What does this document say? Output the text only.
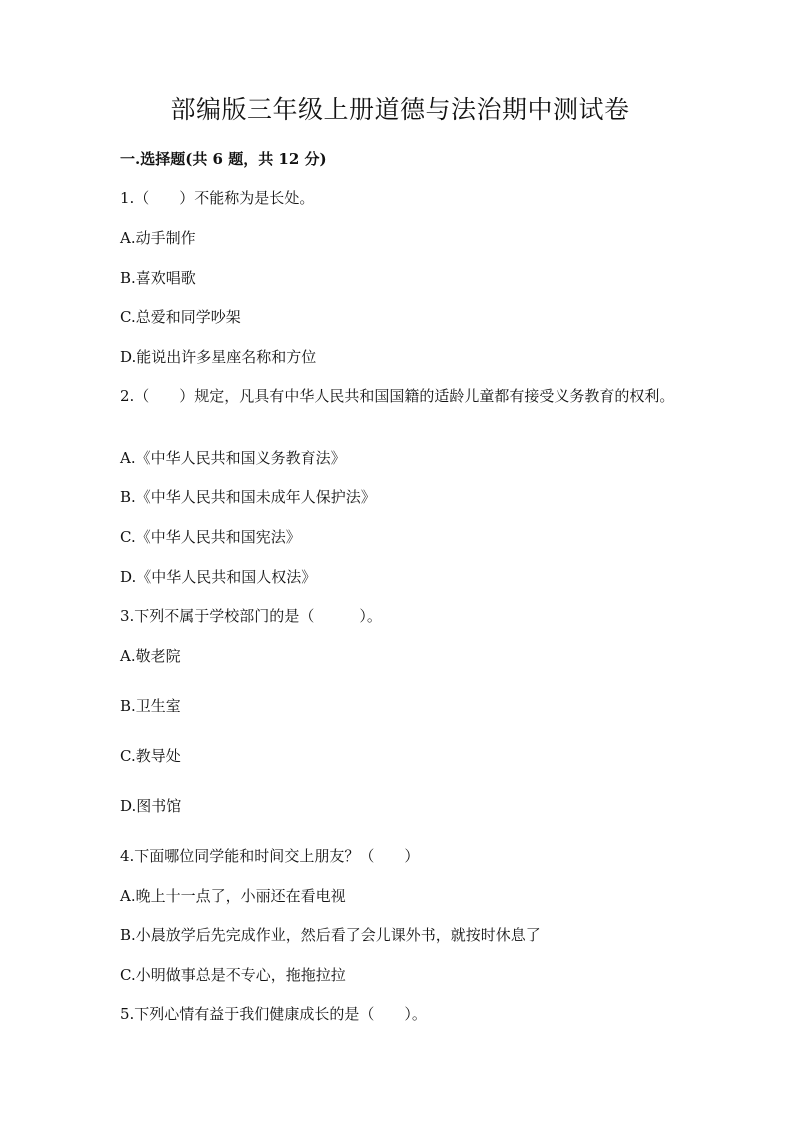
部编版三年级上册道德与法治期中测试卷
一.选择题(共 6 题，共 12 分)

1.（　　）不能称为是长处。

A.动手制作

B.喜欢唱歌

C.总爱和同学吵架

D.能说出许多星座名称和方位

2.（　　）规定，凡具有中华人民共和国国籍的适龄儿童都有接受义务教育的权利。

A.《中华人民共和国义务教育法》

B.《中华人民共和国未成年人保护法》

C.《中华人民共和国宪法》

D.《中华人民共和国人权法》

3.下列不属于学校部门的是（　　　）。

A.敬老院

B.卫生室

C.教导处

D.图书馆

4.下面哪位同学能和时间交上朋友？（　　）

A.晚上十一点了，小丽还在看电视

B.小晨放学后先完成作业，然后看了会儿课外书，就按时休息了

C.小明做事总是不专心，拖拖拉拉

5.下列心情有益于我们健康成长的是（　　）。
